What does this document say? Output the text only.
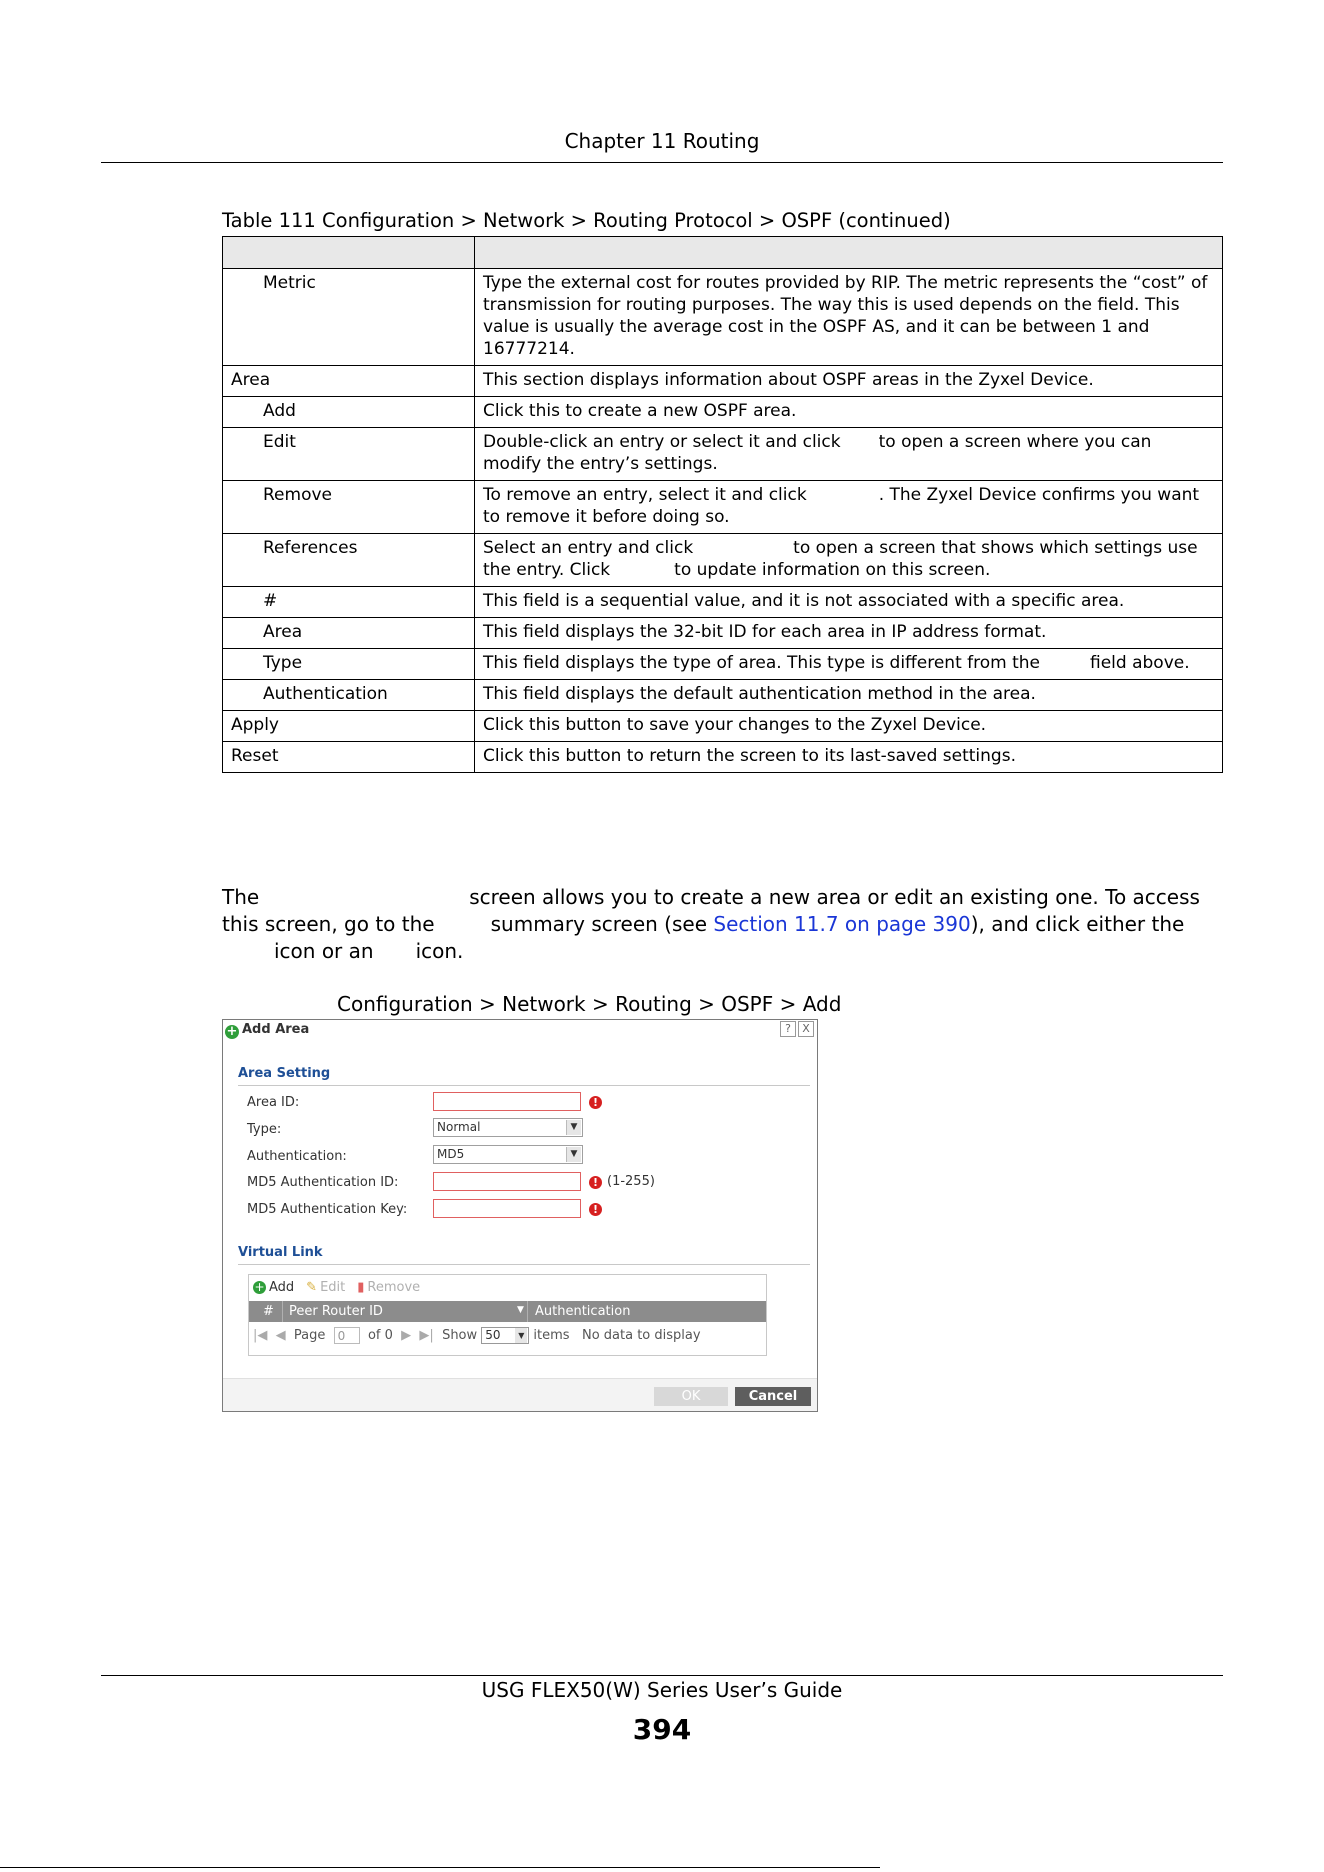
Chapter 11 Routing
Table 111 Configuration > Network > Routing Protocol > OSPF (continued)

Metric	Type the external cost for routes provided by RIP. The metric represents the “cost” of transmission for routing purposes. The way this is used depends on the field. This value is usually the average cost in the OSPF AS, and it can be between 1 and 16777214.
Area	This section displays information about OSPF areas in the Zyxel Device.
Add	Click this to create a new OSPF area.
Edit	Double-click an entry or select it and click to open a screen where you can modify the entry’s settings.
Remove	To remove an entry, select it and click . The Zyxel Device confirms you want to remove it before doing so.
References	Select an entry and click to open a screen that shows which settings use the entry. Click to update information on this screen.
#	This field is a sequential value, and it is not associated with a specific area.
Area	This field displays the 32-bit ID for each area in IP address format.
Type	This field displays the type of area. This type is different from the field above.
Authentication	This field displays the default authentication method in the area.
Apply	Click this button to save your changes to the Zyxel Device.
Reset	Click this button to return the screen to its last-saved settings.
The	screen allows you to create a new area or edit an existing one. To access this screen, go to the	summary screen (see Section 11.7 on page 390), and click either theicon or an icon.
Configuration > Network > Routing > OSPF > Add
+ Add Area	?	X
Area Setting
Area ID:	!
Type:	Normal	▼
Authentication:	MD5	▼
MD5 Authentication ID:	! (1-255)
MD5 Authentication Key:	!
Virtual Link
+ Add ✎ Edit ▮ Remove
# Peer Router ID	▼ Authentication
|◀ ◀ Page 0 of 0 ▶ ▶| Show 50	▼ items No data to display
OK	Cancel
USG FLEX50(W) Series User’s Guide
394
